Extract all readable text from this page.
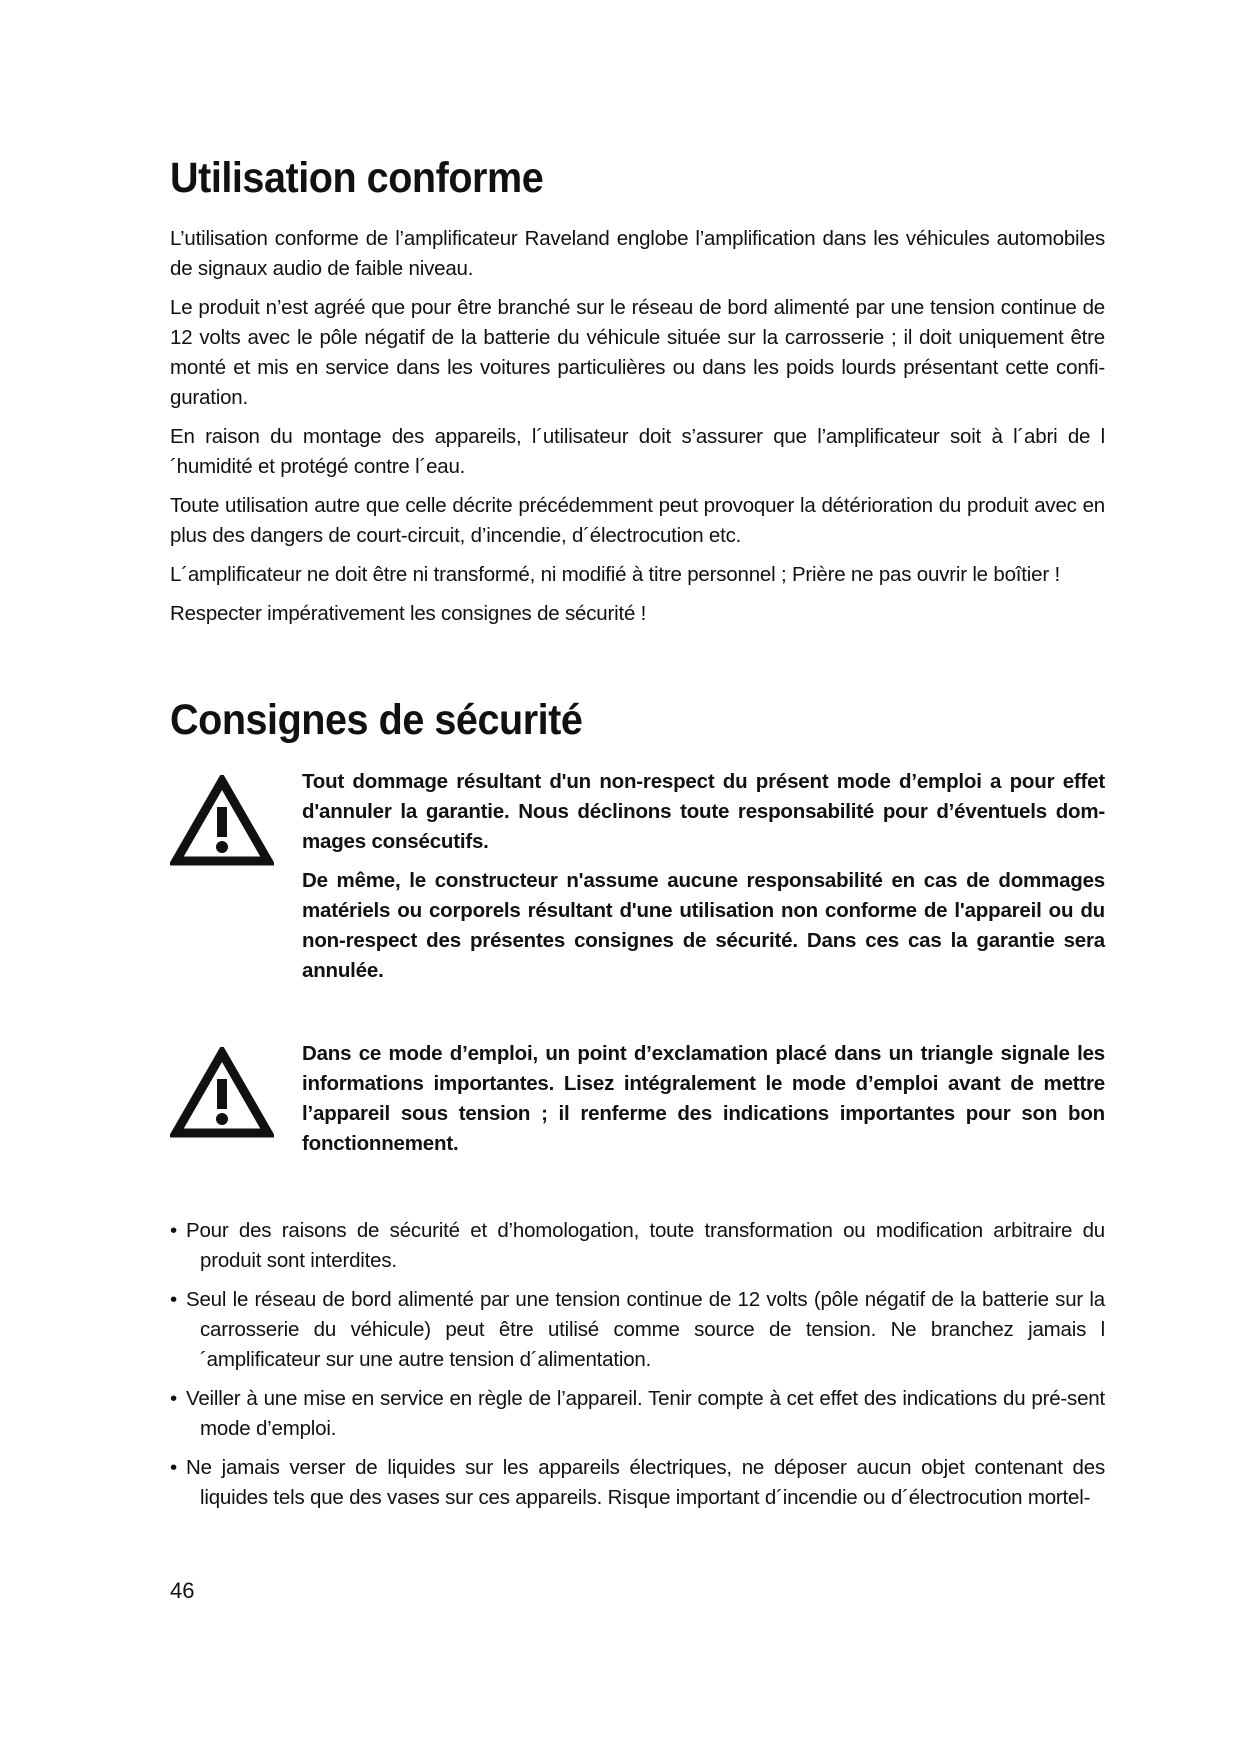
Utilisation conforme

L’utilisation conforme de l’amplificateur Raveland englobe l’amplification dans les véhicules automobiles de signaux audio de faible niveau.

Le produit n’est agréé que pour être branché sur le réseau de bord alimenté par une tension continue de 12 volts avec le pôle négatif de la batterie du véhicule située sur la carrosserie ; il doit uniquement être monté et mis en service dans les voitures particulières ou dans les poids lourds présentant cette confi-guration.

En raison du montage des appareils, l´utilisateur doit s’assurer que l’amplificateur soit à l´abri de l´humidité et protégé contre l´eau.

Toute utilisation autre que celle décrite précédemment peut provoquer la détérioration du produit avec en plus des dangers de court-circuit, d’incendie, d´électrocution etc.

L´amplificateur ne doit être ni transformé, ni modifié à titre personnel ; Prière ne pas ouvrir le boîtier !

Respecter impérativement les consignes de sécurité !

Consignes de sécurité

Tout dommage résultant d'un non-respect du présent mode d’emploi a pour effet d'annuler la garantie. Nous déclinons toute responsabilité pour d’éventuels dom-mages consécutifs.

De même, le constructeur n'assume aucune responsabilité en cas de dommages matériels ou corporels résultant d'une utilisation non conforme de l'appareil ou du non-respect des présentes consignes de sécurité. Dans ces cas la garantie sera annulée.

Dans ce mode d’emploi, un point d’exclamation placé dans un triangle signale les informations importantes. Lisez intégralement le mode d’emploi avant de mettre l’appareil sous tension ; il renferme des indications importantes pour son bon fonctionnement.

• Pour des raisons de sécurité et d’homologation, toute transformation ou modification arbitraire du produit sont interdites.
• Seul le réseau de bord alimenté par une tension continue de 12 volts (pôle négatif de la batterie sur la carrosserie du véhicule) peut être utilisé comme source de tension. Ne branchez jamais l´amplificateur sur une autre tension d´alimentation.
• Veiller à une mise en service en règle de l’appareil. Tenir compte à cet effet des indications du pré-sent mode d’emploi.
• Ne jamais verser de liquides sur les appareils électriques, ne déposer aucun objet contenant des liquides tels que des vases sur ces appareils. Risque important d´incendie ou d´électrocution mortel-
46
